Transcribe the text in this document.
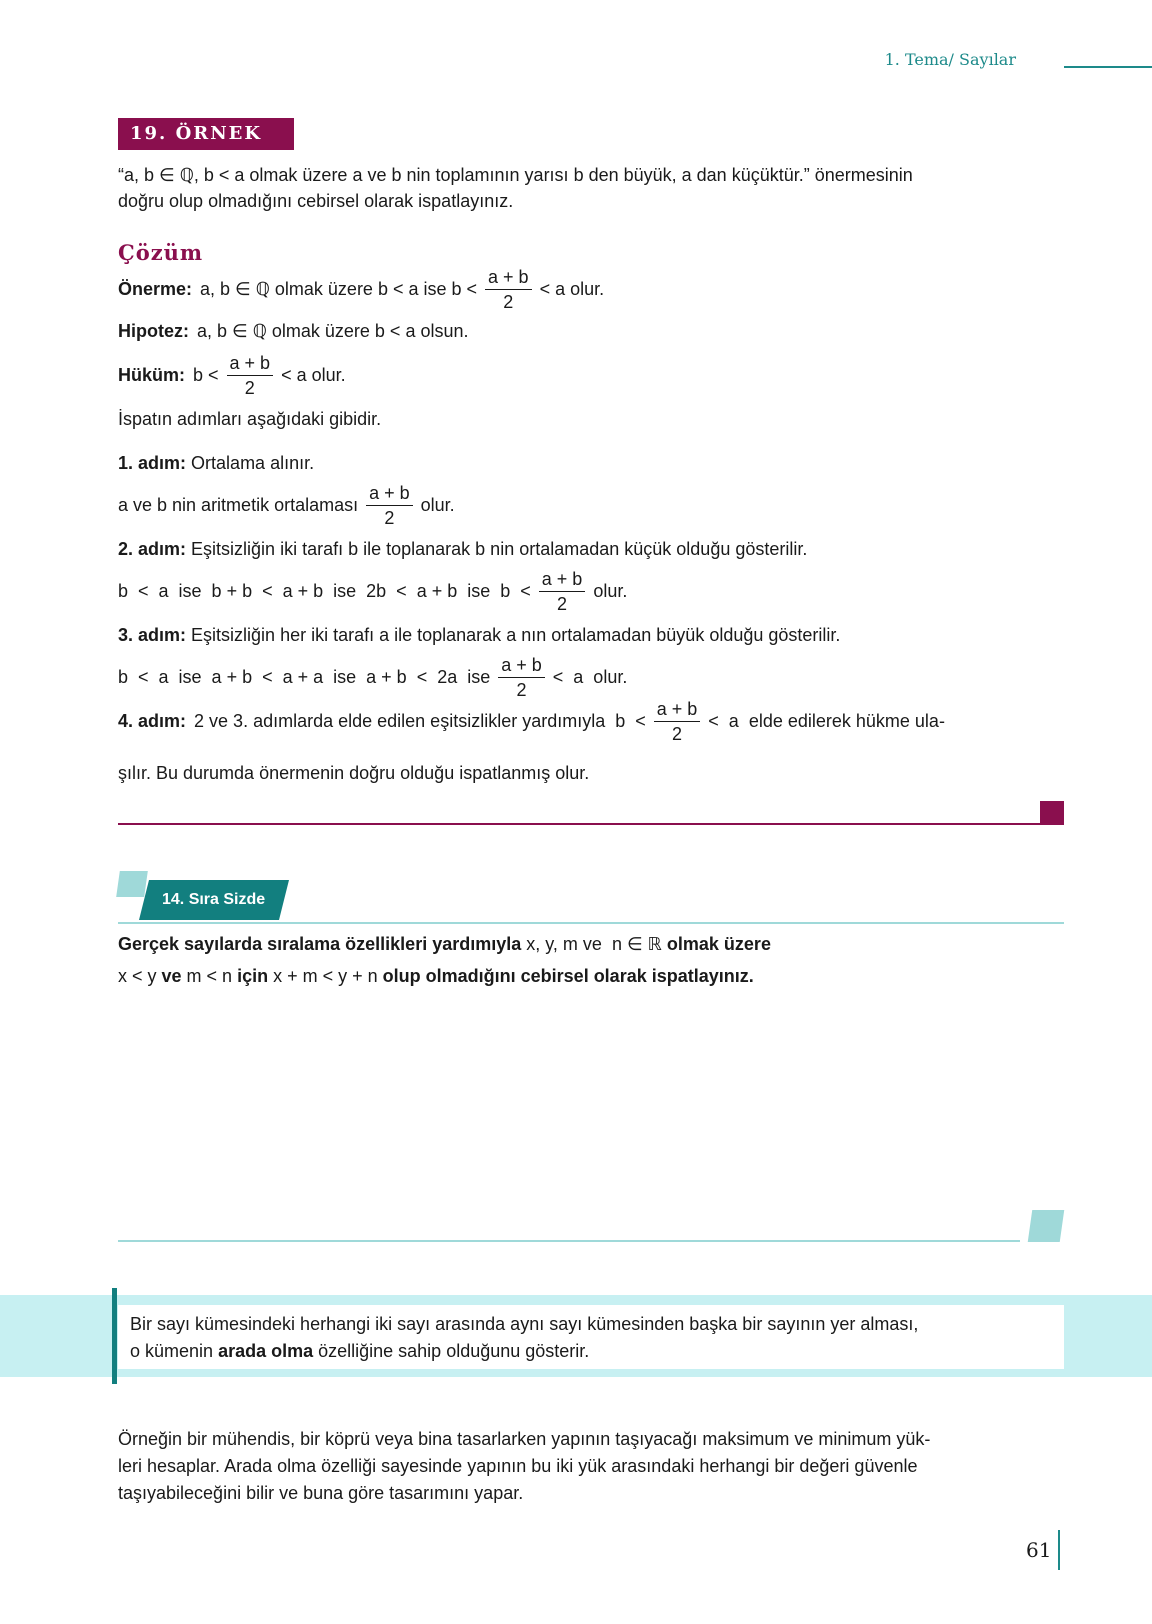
1. Tema/ Sayılar
19. ÖRNEK
“a, b ∈ ℚ, b < a olmak üzere a ve b nin toplamının yarısı b den büyük, a dan küçüktür.” önermesinin
doğru olup olmadığını cebirsel olarak ispatlayınız.
Çözüm
Önerme: a, b ∈ ℚ olmak üzere b < a ise $b < \frac{a + b}{2} < a$ olur.
Hipotez: a, b ∈ ℚ olmak üzere b < a olsun.
Hüküm: $b < \frac{a + b}{2} < a$ olur.
İspatın adımları aşağıdaki gibidir.
1. adım: Ortalama alınır.
a ve b nin aritmetik ortalaması $\frac{a + b}{2}$ olur.
2. adım: Eşitsizliğin iki tarafı b ile toplanarak b nin ortalamadan küçük olduğu gösterilir.
b  <  a  ise  b + b  <  a + b  ise  2b  <  a + b  ise  $b < \frac{a + b}{2}$ olur.
3. adım: Eşitsizliğin her iki tarafı a ile toplanarak a nın ortalamadan büyük olduğu gösterilir.
b  <  a  ise  a + b  <  a + a  ise  a + b  <  2a  ise $\frac{a + b}{2} < a$  olur.
4. adım: 2 ve 3. adımlarda elde edilen eşitsizlikler yardımıyla  $b < \frac{a + b}{2} < a$  elde edilerek hükme ula-
şılır. Bu durumda önermenin doğru olduğu ispatlanmış olur.
14. Sıra Sizde
Gerçek sayılarda sıralama özellikleri yardımıyla x, y, m ve  n ∈ ℝ olmak üzere
x < y ve m < n için x + m < y + n olup olmadığını cebirsel olarak ispatlayınız.
Bir sayı kümesindeki herhangi iki sayı arasında aynı sayı kümesinden başka bir sayının yer alması,
o kümenin arada olma özelliğine sahip olduğunu gösterir.
Örneğin bir mühendis, bir köprü veya bina tasarlarken yapının taşıyacağı maksimum ve minimum yük-
leri hesaplar. Arada olma özelliği sayesinde yapının bu iki yük arasındaki herhangi bir değeri güvenle
taşıyabileceğini bilir ve buna göre tasarımını yapar.
61
